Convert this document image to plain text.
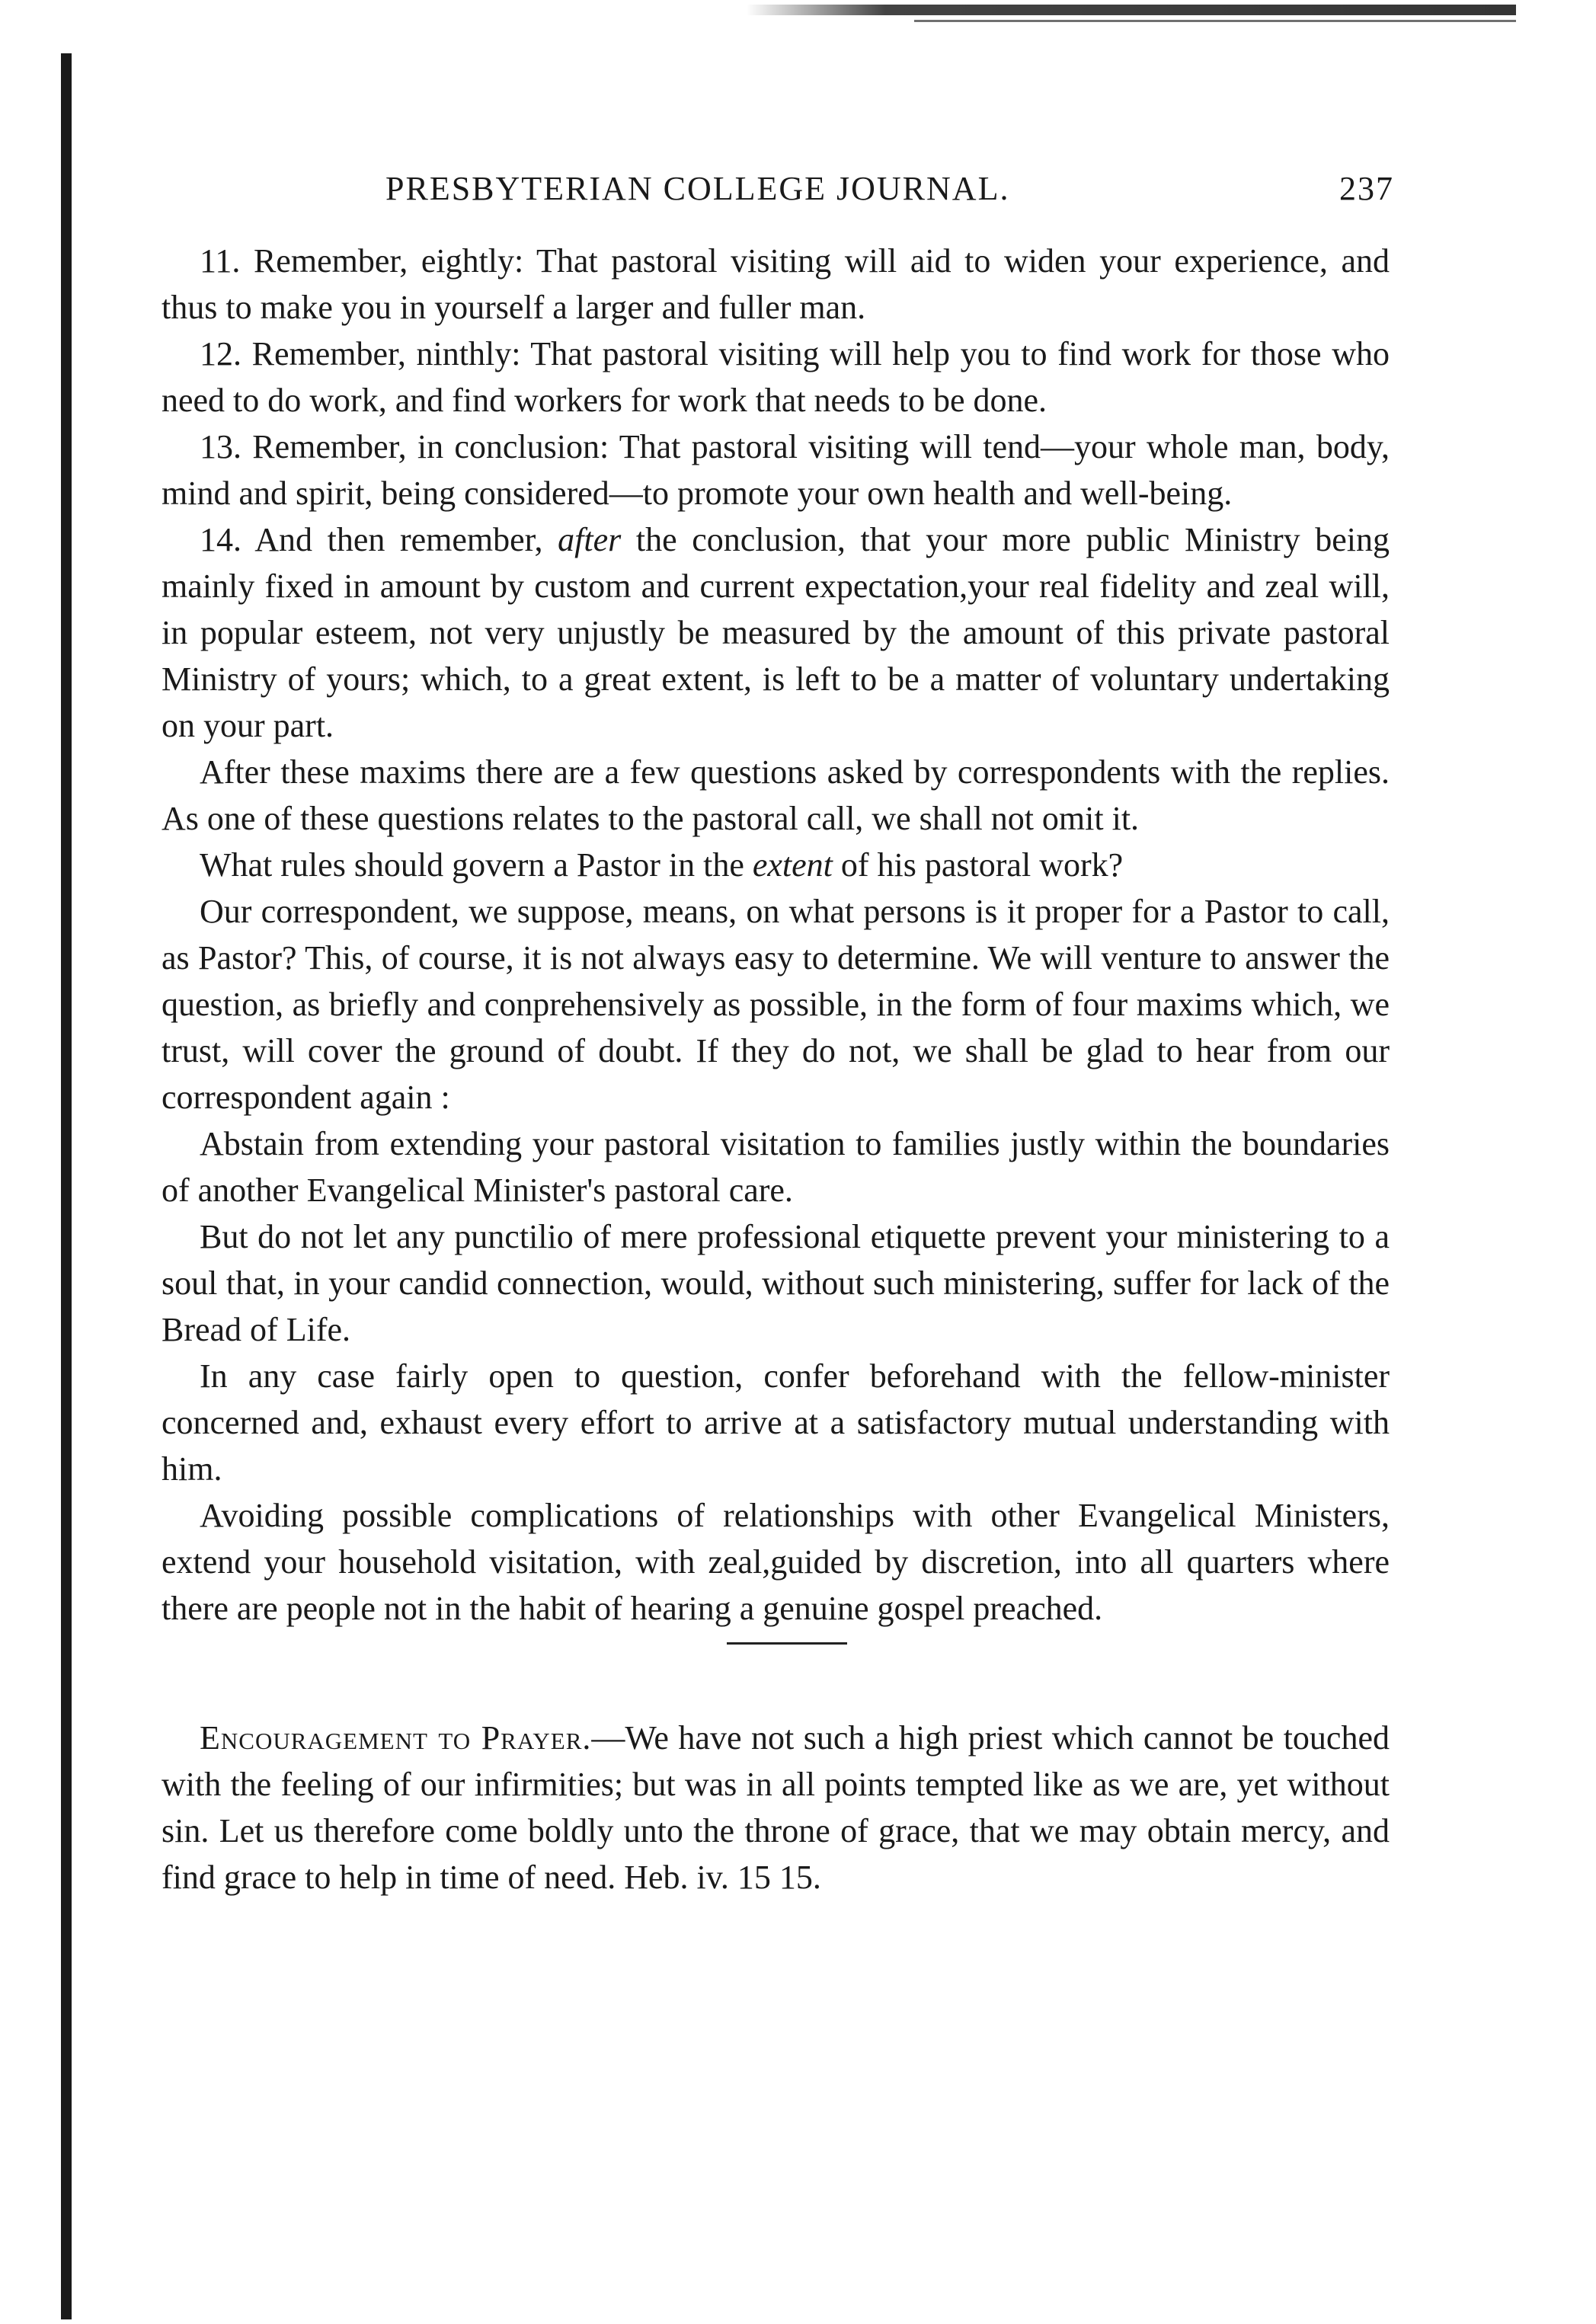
PRESBYTERIAN COLLEGE JOURNAL.	237

11. Remember, eightly: That pastoral visiting will aid to widen your experience, and thus to make you in yourself a larger and fuller man.

12. Remember, ninthly: That pastoral visiting will help you to find work for those who need to do work, and find workers for work that needs to be done.

13. Remember, in conclusion: That pastoral visiting will tend—your whole man, body, mind and spirit, being considered—to promote your own health and well-being.

14. And then remember, after the conclusion, that your more public Ministry being mainly fixed in amount by custom and current expectation,your real fidelity and zeal will, in popular esteem, not very unjustly be measured by the amount of this private pastoral Ministry of yours; which, to a great extent, is left to be a matter of voluntary undertaking on your part.

After these maxims there are a few questions asked by correspondents with the replies. As one of these questions relates to the pastoral call, we shall not omit it.

What rules should govern a Pastor in the extent of his pastoral work?

Our correspondent, we suppose, means, on what persons is it proper for a Pastor to call, as Pastor? This, of course, it is not always easy to determine. We will venture to answer the question, as briefly and conprehensively as possible, in the form of four maxims which, we trust, will cover the ground of doubt. If they do not, we shall be glad to hear from our correspondent again :

Abstain from extending your pastoral visitation to families justly within the boundaries of another Evangelical Minister's pastoral care.

But do not let any punctilio of mere professional etiquette prevent your ministering to a soul that, in your candid connection, would, without such ministering, suffer for lack of the Bread of Life.

In any case fairly open to question, confer beforehand with the fellow-minister concerned and, exhaust every effort to arrive at a satisfactory mutual understanding with him.

Avoiding possible complications of relationships with other Evangelical Ministers, extend your household visitation, with zeal,guided by discretion, into all quarters where there are people not in the habit of hearing a genuine gospel preached.

Encouragement to Prayer.—We have not such a high priest which cannot be touched with the feeling of our infirmities; but was in all points tempted like as we are, yet without sin. Let us therefore come boldly unto the throne of grace, that we may obtain mercy, and find grace to help in time of need. Heb. iv. 15 15.
